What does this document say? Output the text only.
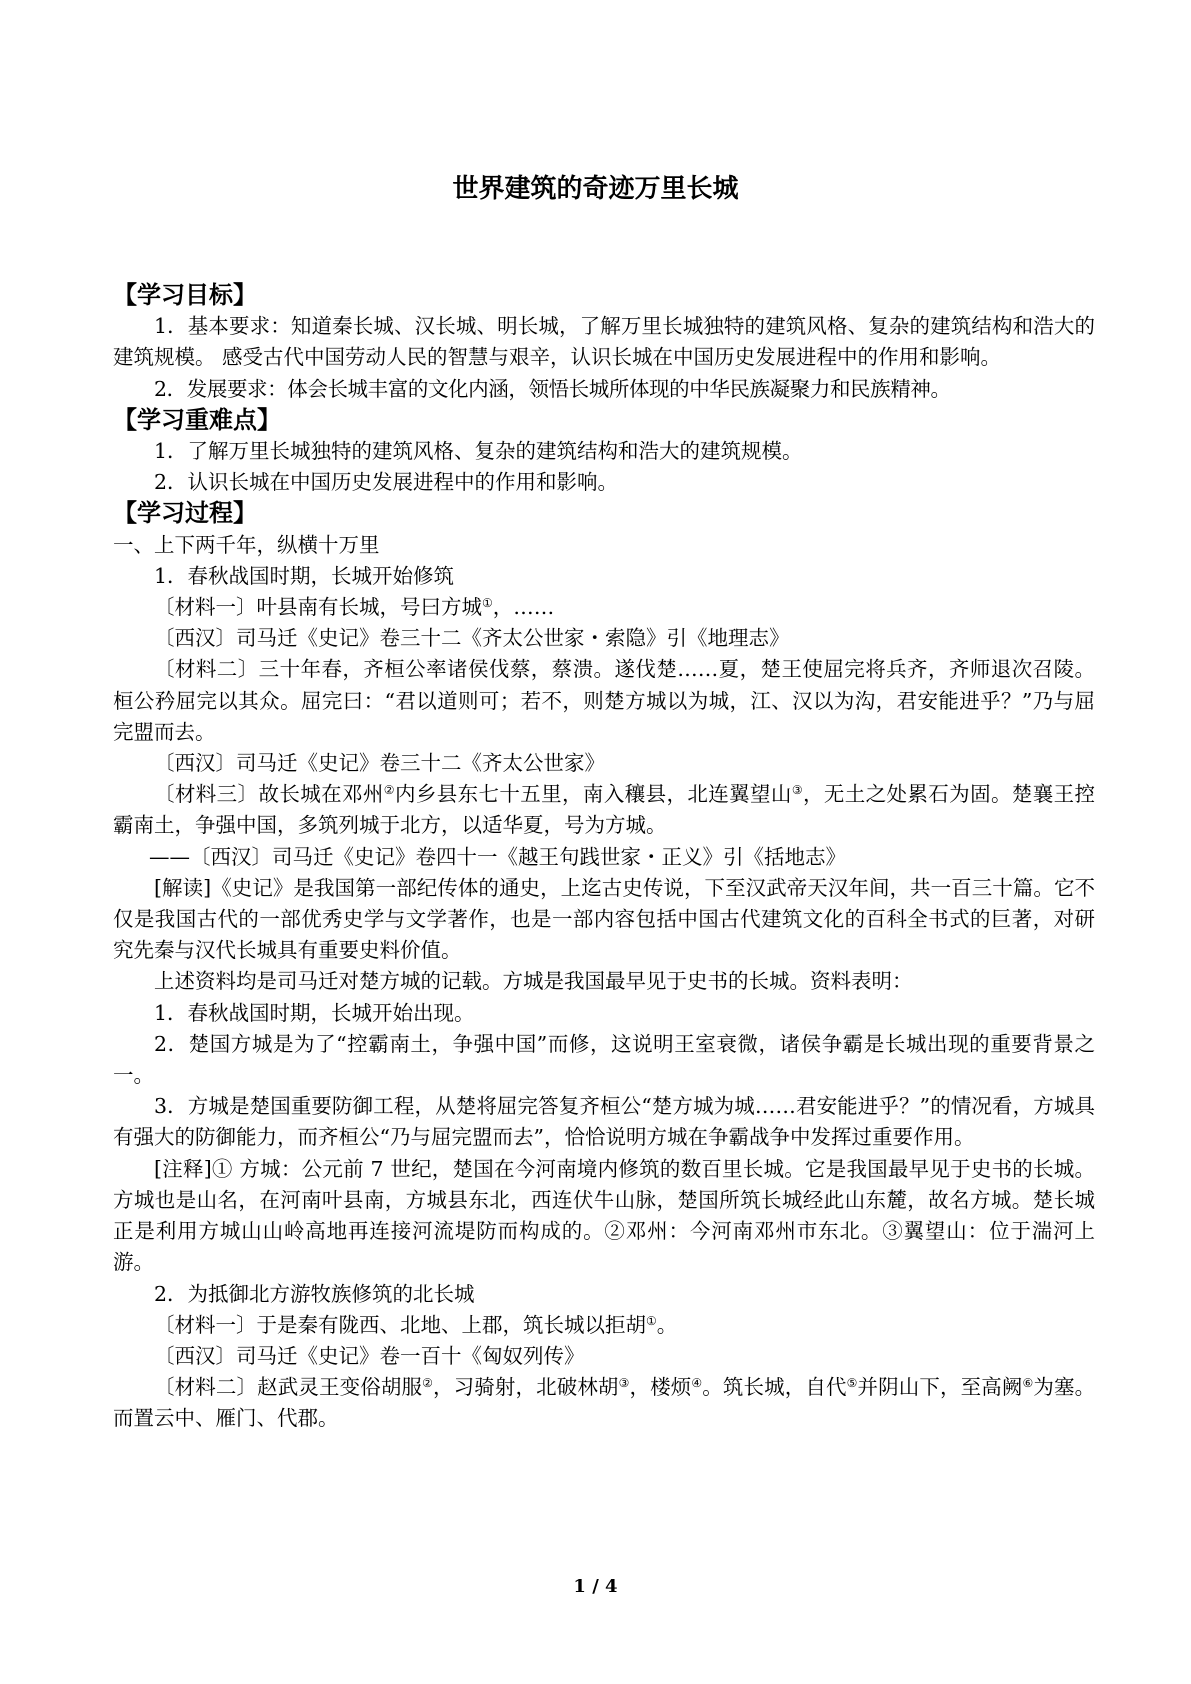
世界建筑的奇迹万里长城

【学习目标】

1．基本要求：知道秦长城、汉长城、明长城，了解万里长城独特的建筑风格、复杂的建筑结构和浩大的建筑规模。 感受古代中国劳动人民的智慧与艰辛，认识长城在中国历史发展进程中的作用和影响。

2．发展要求：体会长城丰富的文化内涵，领悟长城所体现的中华民族凝聚力和民族精神。

【学习重难点】

1．了解万里长城独特的建筑风格、复杂的建筑结构和浩大的建筑规模。

2．认识长城在中国历史发展进程中的作用和影响。

【学习过程】

一、上下两千年，纵横十万里

1．春秋战国时期，长城开始修筑

〔材料一〕叶县南有长城，号曰方城①，……

〔西汉〕司马迁《史记》卷三十二《齐太公世家・索隐》引《地理志》

〔材料二〕三十年春，齐桓公率诸侯伐蔡，蔡溃。遂伐楚……夏，楚王使屈完将兵齐，齐师退次召陵。桓公矜屈完以其众。屈完曰：“君以道则可；若不，则楚方城以为城，江、汉以为沟，君安能进乎？”乃与屈完盟而去。

〔西汉〕司马迁《史记》卷三十二《齐太公世家》

〔材料三〕故长城在邓州②内乡县东七十五里，南入穰县，北连翼望山③，无土之处累石为固。楚襄王控霸南土，争强中国，多筑列城于北方，以适华夏，号为方城。

——〔西汉〕司马迁《史记》卷四十一《越王句践世家・正义》引《括地志》

[解读]《史记》是我国第一部纪传体的通史，上迄古史传说，下至汉武帝天汉年间，共一百三十篇。它不仅是我国古代的一部优秀史学与文学著作，也是一部内容包括中国古代建筑文化的百科全书式的巨著，对研究先秦与汉代长城具有重要史料价值。

上述资料均是司马迁对楚方城的记载。方城是我国最早见于史书的长城。资料表明：

1．春秋战国时期，长城开始出现。

2．楚国方城是为了“控霸南土，争强中国”而修，这说明王室衰微，诸侯争霸是长城出现的重要背景之一。

3．方城是楚国重要防御工程，从楚将屈完答复齐桓公“楚方城为城……君安能进乎？”的情况看，方城具有强大的防御能力，而齐桓公“乃与屈完盟而去”，恰恰说明方城在争霸战争中发挥过重要作用。

[注释]① 方城：公元前 7 世纪，楚国在今河南境内修筑的数百里长城。它是我国最早见于史书的长城。方城也是山名，在河南叶县南，方城县东北，西连伏牛山脉，楚国所筑长城经此山东麓，故名方城。楚长城正是利用方城山山岭高地再连接河流堤防而构成的。②邓州：今河南邓州市东北。③翼望山：位于湍河上游。

2．为抵御北方游牧族修筑的北长城

〔材料一〕于是秦有陇西、北地、上郡，筑长城以拒胡①。

〔西汉〕司马迁《史记》卷一百十《匈奴列传》

〔材料二〕赵武灵王变俗胡服②，习骑射，北破林胡③，楼烦④。筑长城，自代⑤并阴山下，至高阙⑥为塞。而置云中、雁门、代郡。

1 / 4
